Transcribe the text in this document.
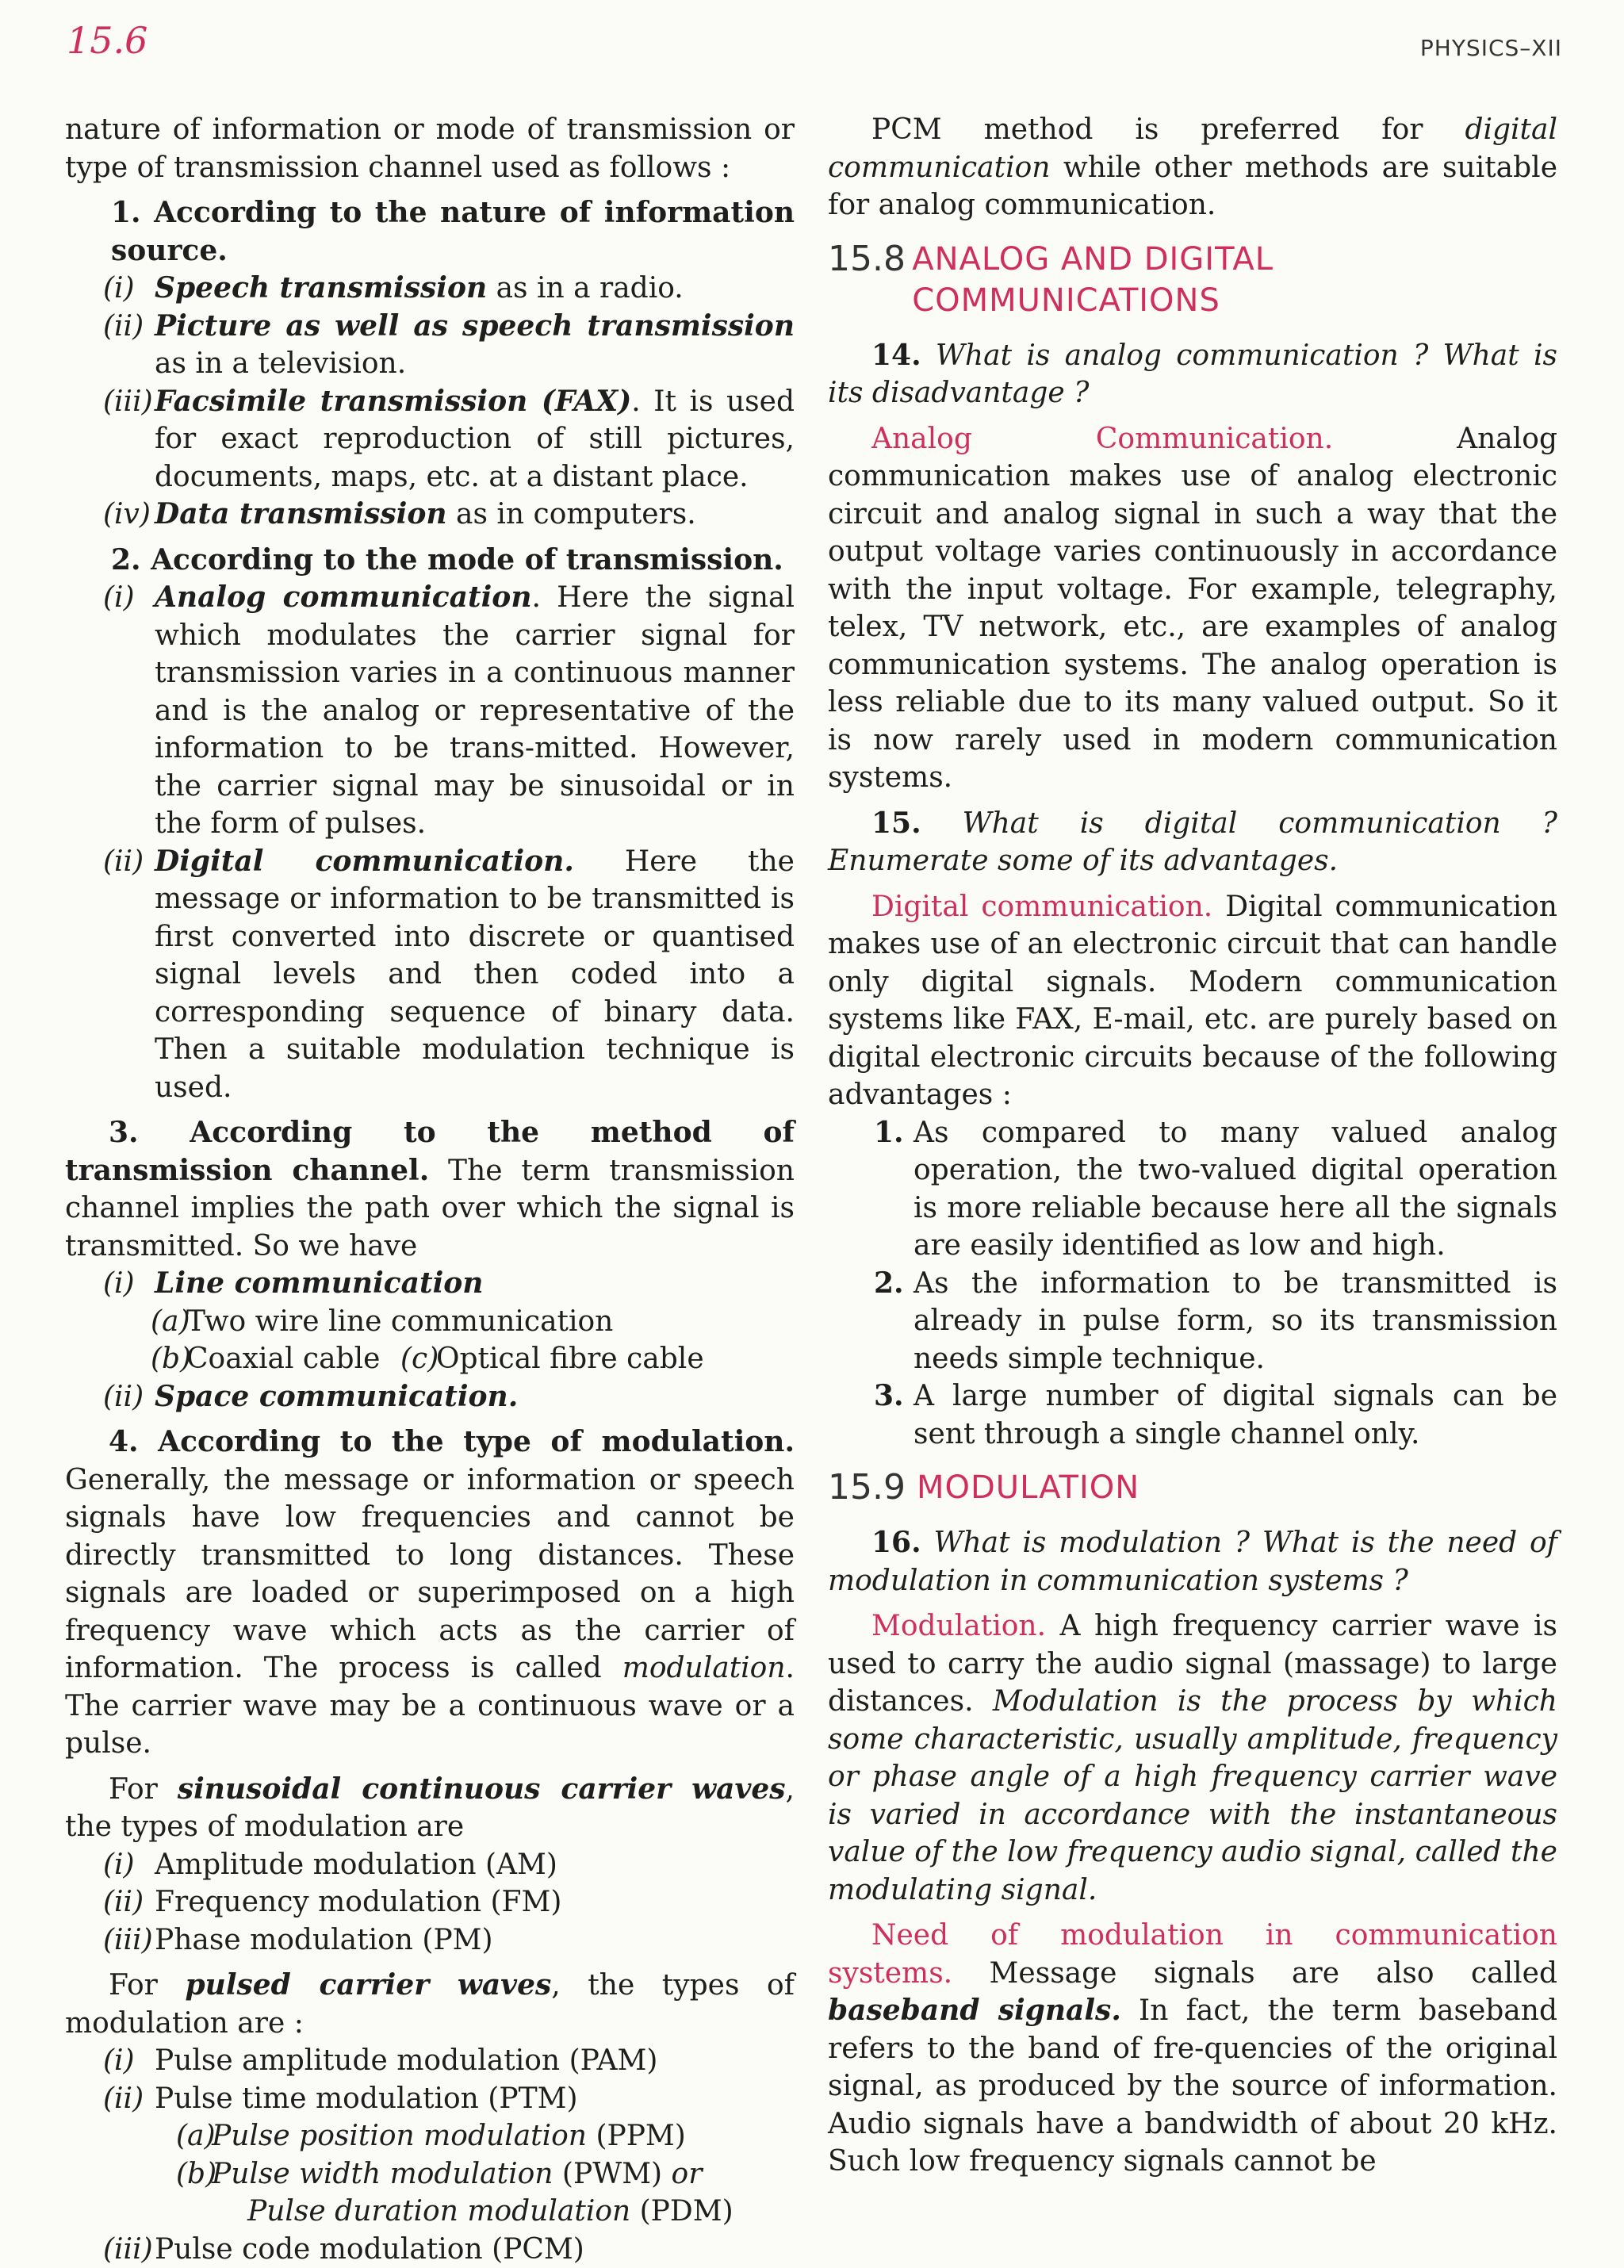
15.6	PHYSICS–XII

nature of information or mode of transmission or type of transmission channel used as follows :

1. According to the nature of information source.

(i) Speech transmission as in a radio.
(ii) Picture as well as speech transmission as in a television.
(iii) Facsimile transmission (FAX). It is used for exact reproduction of still pictures, documents, maps, etc. at a distant place.
(iv) Data transmission as in computers.

2. According to the mode of transmission.

(i) Analog communication. Here the signal which modulates the carrier signal for transmission varies in a continuous manner and is the analog or representative of the information to be trans-mitted. However, the carrier signal may be sinusoidal or in the form of pulses.
(ii) Digital communication. Here the message or information to be transmitted is first converted into discrete or quantised signal levels and then coded into a corresponding sequence of binary data. Then a suitable modulation technique is used.

3. According to the method of transmission channel. The term transmission channel implies the path over which the signal is transmitted. So we have

(i) Line communication
(a)
Two wire line communication
(b)
Coaxial cable (c)
Optical fibre cable
(ii) Space communication.

4. According to the type of modulation. Generally, the message or information or speech signals have low frequencies and cannot be directly transmitted to long distances. These signals are loaded or superimposed on a high frequency wave which acts as the carrier of information. The process is called modulation. The carrier wave may be a continuous wave or a pulse.

For sinusoidal continuous carrier waves, the types of modulation are

(i) Amplitude modulation (AM)
(ii) Frequency modulation (FM)
(iii) Phase modulation (PM)

For pulsed carrier waves, the types of modulation are :

(i) Pulse amplitude modulation (PAM)
(ii) Pulse time modulation (PTM)
(a)
Pulse position modulation (PPM)
(b)
Pulse width modulation (PWM) or
Pulse duration modulation (PDM)
(iii) Pulse code modulation (PCM)

PCM method is preferred for digital communication while other methods are suitable for analog communication.

15.8 ANALOG AND DIGITAL COMMUNICATIONS

14. What is analog communication ? What is its disadvantage ?

Analog Communication. Analog communication makes use of analog electronic circuit and analog signal in such a way that the output voltage varies continuously in accordance with the input voltage. For example, telegraphy, telex, TV network, etc., are examples of analog communication systems. The analog operation is less reliable due to its many valued output. So it is now rarely used in modern communication systems.

15. What is digital communication ? Enumerate some of its advantages.

Digital communication. Digital communication makes use of an electronic circuit that can handle only digital signals. Modern communication systems like FAX, E-mail, etc. are purely based on digital electronic circuits because of the following advantages :

1. As compared to many valued analog operation, the two-valued digital operation is more reliable because here all the signals are easily identified as low and high.
2. As the information to be transmitted is already in pulse form, so its transmission needs simple technique.
3. A large number of digital signals can be sent through a single channel only.
15.9 MODULATION

16. What is modulation ? What is the need of modulation in communication systems ?

Modulation. A high frequency carrier wave is used to carry the audio signal (massage) to large distances. Modulation is the process by which some characteristic, usually amplitude, frequency or phase angle of a high frequency carrier wave is varied in accordance with the instantaneous value of the low frequency audio signal, called the modulating signal.

Need of modulation in communication systems. Message signals are also called baseband signals. In fact, the term baseband refers to the band of fre-quencies of the original signal, as produced by the source of information. Audio signals have a bandwidth of about 20 kHz. Such low frequency signals cannot be
